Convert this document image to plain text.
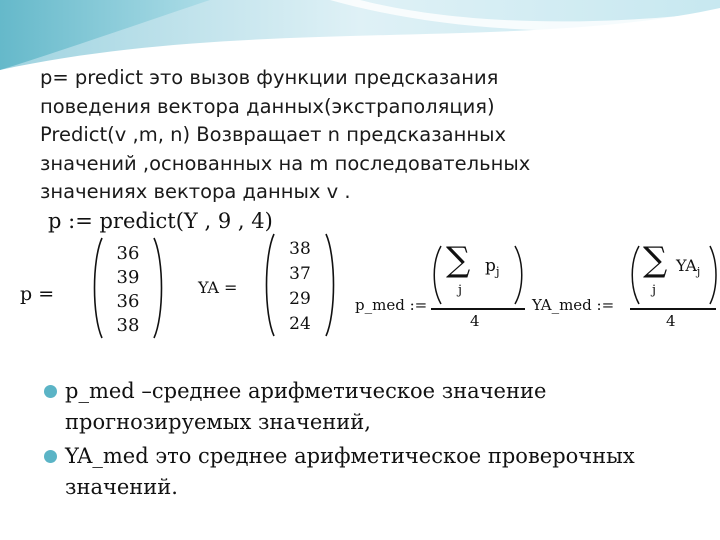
p= predict это вызов функции предсказания
поведения вектора данных(экстраполяция)
Predict(v ,m, n) Возвращает n предсказанных
значений ,основанных на m последовательных
значениях вектора данных v .
p := predict(Y , 9 , 4)
p =
36
39
36
38
YA =
38
37
29
24
p_med :=
∑ $p_j$
j
4
YA_med :=
∑ $YA_j$
j
4
p_med –среднее арифметическое значение прогнозируемых значений,
YA_med это среднее арифметическое проверочных значений.
